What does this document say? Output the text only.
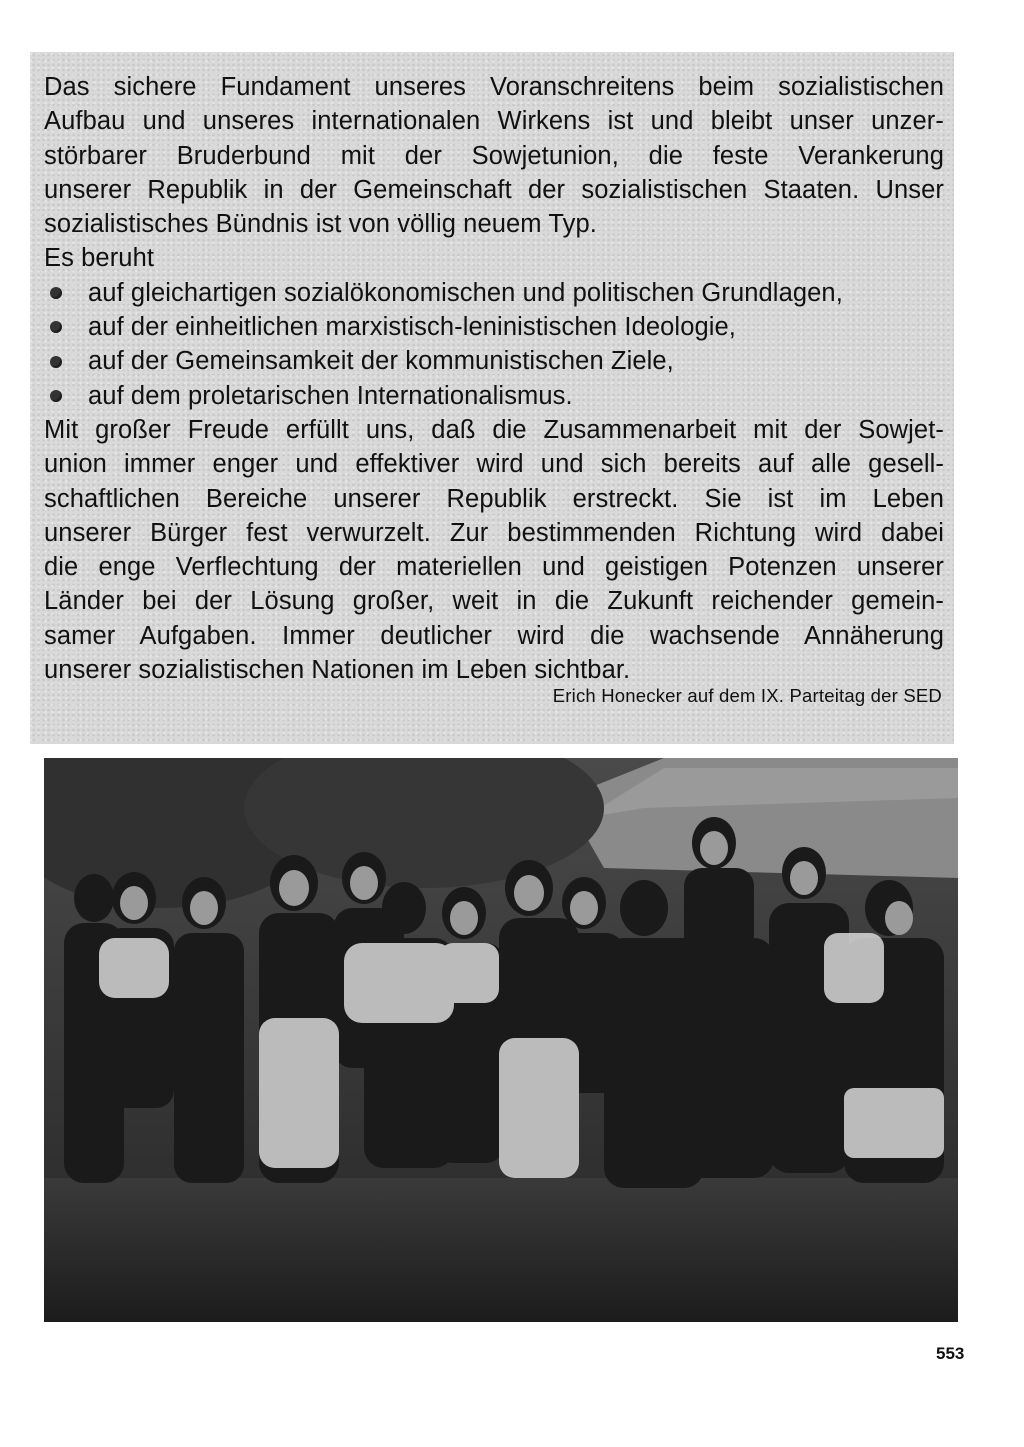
Das sichere Fundament unseres Voranschreitens beim sozialistischen
Aufbau und unseres internationalen Wirkens ist und bleibt unser unzer-
störbarer Bruderbund mit der Sowjetunion, die feste Verankerung
unserer Republik in der Gemeinschaft der sozialistischen Staaten. Unser
sozialistisches Bündnis ist von völlig neuem Typ.
Es beruht
auf gleichartigen sozialökonomischen und politischen Grundlagen,
auf der einheitlichen marxistisch-leninistischen Ideologie,
auf der Gemeinsamkeit der kommunistischen Ziele,
auf dem proletarischen Internationalismus.
Mit großer Freude erfüllt uns, daß die Zusammenarbeit mit der Sowjet-
union immer enger und effektiver wird und sich bereits auf alle gesell-
schaftlichen Bereiche unserer Republik erstreckt. Sie ist im Leben
unserer Bürger fest verwurzelt. Zur bestimmenden Richtung wird dabei
die enge Verflechtung der materiellen und geistigen Potenzen unserer
Länder bei der Lösung großer, weit in die Zukunft reichender gemein-
samer Aufgaben. Immer deutlicher wird die wachsende Annäherung
unserer sozialistischen Nationen im Leben sichtbar.
Erich Honecker auf dem IX. Parteitag der SED
553
